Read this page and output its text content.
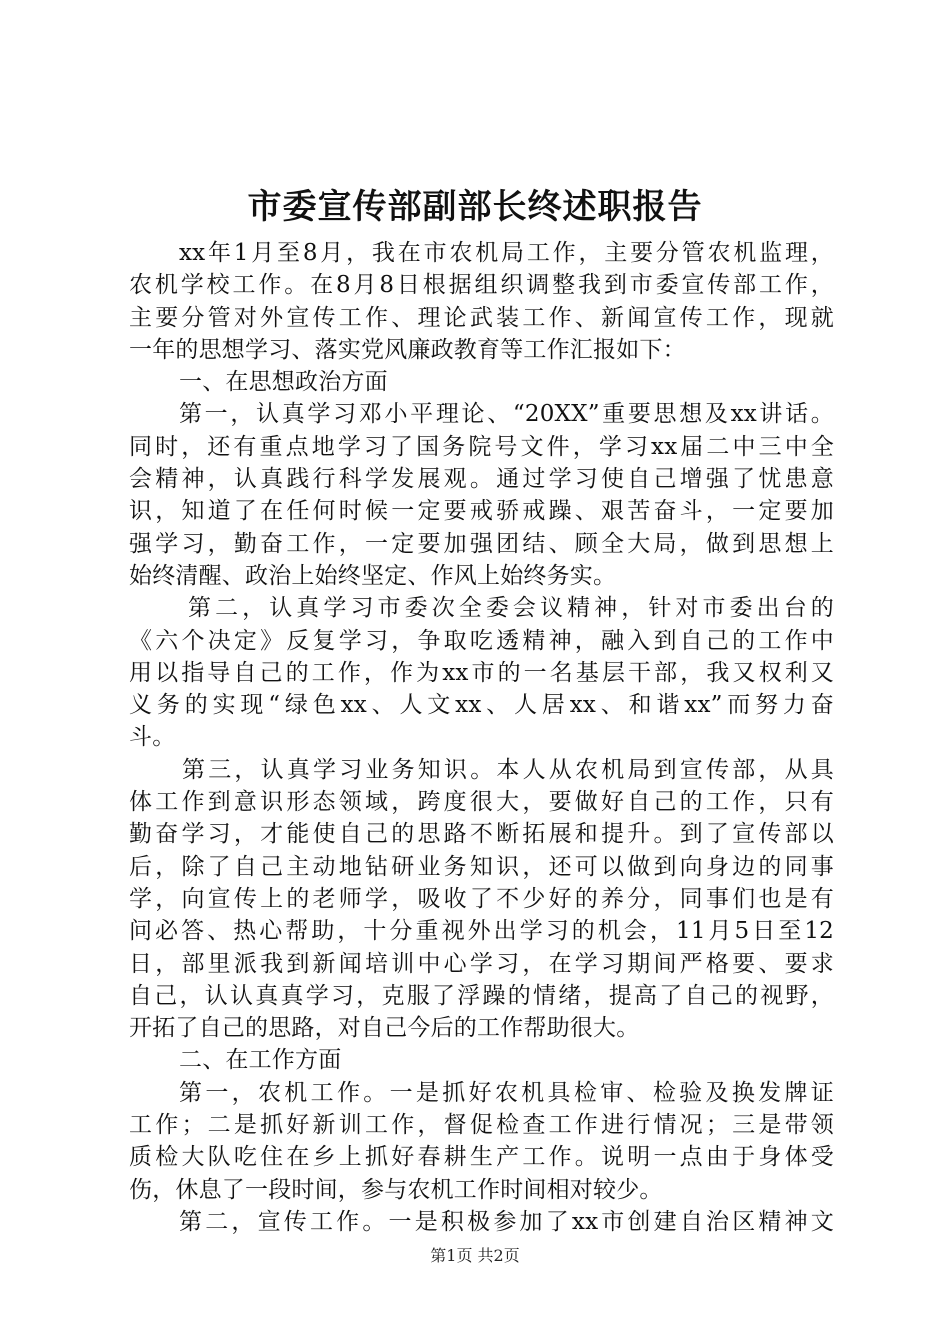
市委宣传部副部长终述职报告
xx年1月至8月，我在市农机局工作，主要分管农机监理，
农机学校工作。在8月8日根据组织调整我到市委宣传部工作，
主要分管对外宣传工作、理论武装工作、新闻宣传工作，现就
一年的思想学习、落实党风廉政教育等工作汇报如下：
一、在思想政治方面
第一，认真学习邓小平理论、“20XX”重要思想及xx讲话。
同时，还有重点地学习了国务院号文件，学习xx届二中三中全
会精神，认真践行科学发展观。通过学习使自己增强了忧患意
识，知道了在任何时候一定要戒骄戒躁、艰苦奋斗，一定要加
强学习，勤奋工作，一定要加强团结、顾全大局，做到思想上
始终清醒、政治上始终坚定、作风上始终务实。
第二，认真学习市委次全委会议精神，针对市委出台的
《六个决定》反复学习，争取吃透精神，融入到自己的工作中
用以指导自己的工作，作为xx市的一名基层干部，我又权利又
义务的实现“绿色xx、人文xx、人居xx、和谐xx”而努力奋
斗。
第三，认真学习业务知识。本人从农机局到宣传部，从具
体工作到意识形态领域，跨度很大，要做好自己的工作，只有
勤奋学习，才能使自己的思路不断拓展和提升。到了宣传部以
后，除了自己主动地钻研业务知识，还可以做到向身边的同事
学，向宣传上的老师学，吸收了不少好的养分，同事们也是有
问必答、热心帮助，十分重视外出学习的机会，11月5日至12
日，部里派我到新闻培训中心学习，在学习期间严格要、要求
自己，认认真真学习，克服了浮躁的情绪，提高了自己的视野，
开拓了自己的思路，对自己今后的工作帮助很大。
二、在工作方面
第一，农机工作。一是抓好农机具检审、检验及换发牌证
工作；二是抓好新训工作，督促检查工作进行情况；三是带领
质检大队吃住在乡上抓好春耕生产工作。说明一点由于身体受
伤，休息了一段时间，参与农机工作时间相对较少。
第二，宣传工作。一是积极参加了xx市创建自治区精神文
第1页 共2页
